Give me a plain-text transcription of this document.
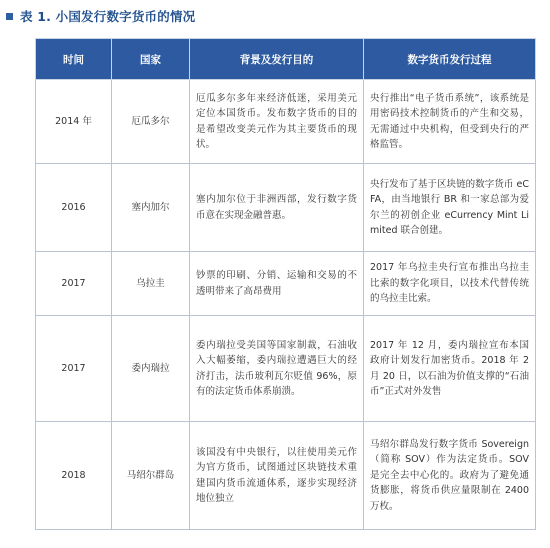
表 1. 小国发行数字货币的情况
时间	国家	背景及发行目的	数字货币发行过程
2014 年	厄瓜多尔	厄瓜多尔多年来经济低迷，采用美元定位本国货币。发布数字货币的目的是希望改变美元作为其主要货币的现状。	央行推出“电子货币系统”，该系统是用密码技术控制货币的产生和交易，无需通过中央机构，但受到央行的严格监管。

2016	塞内加尔	塞内加尔位于非洲西部，发行数字货币意在实现金融普惠。	央行发布了基于区块链的数字货币 eCFA，由当地银行 BR 和一家总部为爱尔兰的初创企业 eCurrency Mint Limited 联合创建。

2017	乌拉圭	钞票的印刷、分销、运输和交易的不透明带来了高昂费用	2017 年乌拉圭央行宣布推出乌拉圭比索的数字化项目，以技术代替传统的乌拉圭比索。

2017	委内瑞拉	委内瑞拉受美国等国家制裁，石油收入大幅萎缩，委内瑞拉遭遇巨大的经济打击，法币玻利瓦尔贬值 96%，原有的法定货币体系崩溃。	2017 年 12 月，委内瑞拉宣布本国政府计划发行加密货币。2018 年 2 月 20 日，以石油为价值支撑的“石油币”正式对外发售

2018	马绍尔群岛	该国没有中央银行，以往使用美元作为官方货币，试图通过区块链技术重建国内货币流通体系，逐步实现经济地位独立	马绍尔群岛发行数字货币 Sovereign（简称 SOV）作为法定货币。SOV 是完全去中心化的。政府为了避免通货膨胀，将货币供应量限制在 2400 万枚。
